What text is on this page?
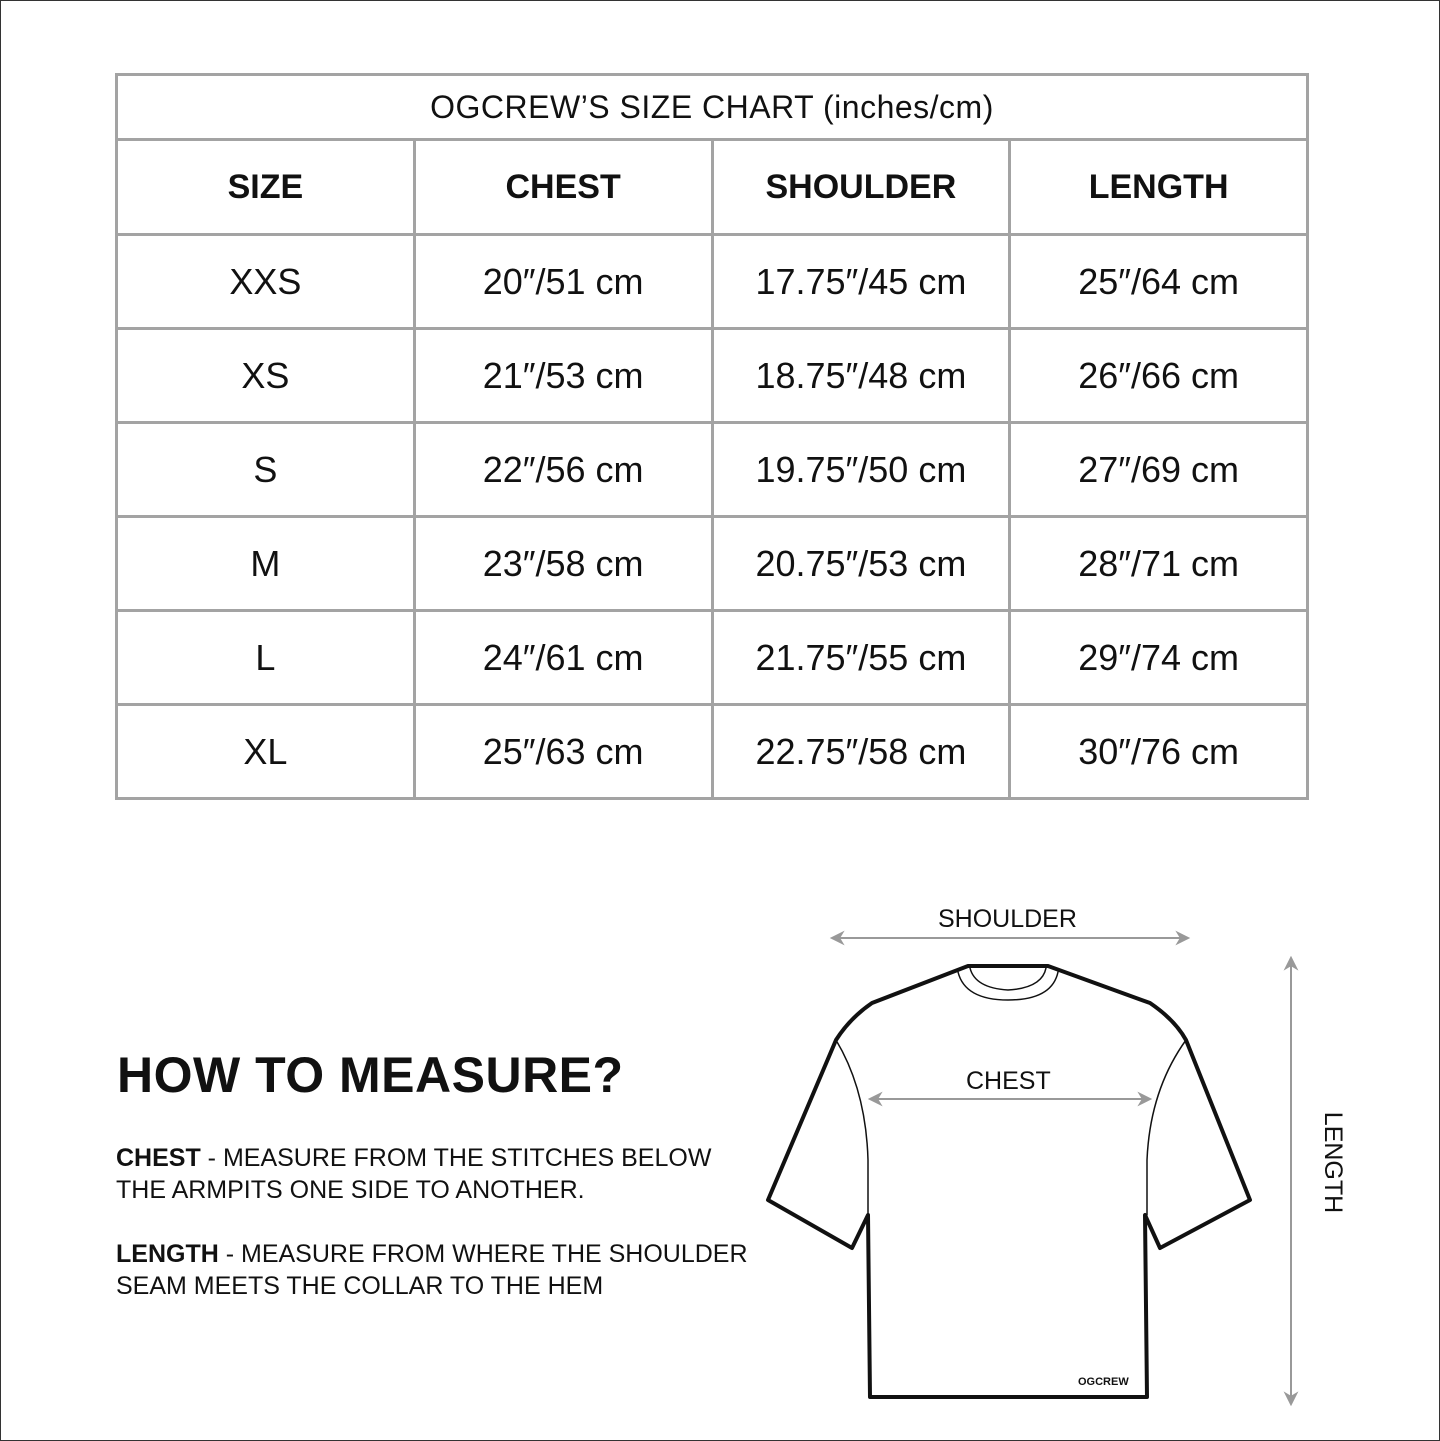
OGCREW’S SIZE CHART (inches/cm)			
SIZE	CHEST	SHOULDER	LENGTH
XXS	20″/51 cm	17.75″/45 cm	25″/64 cm
XS	21″/53 cm	18.75″/48 cm	26″/66 cm
S	22″/56 cm	19.75″/50 cm	27″/69 cm
M	23″/58 cm	20.75″/53 cm	28″/71 cm
L	24″/61 cm	21.75″/55 cm	29″/74 cm
XL	25″/63 cm	22.75″/58 cm	30″/76 cm
HOW TO MEASURE?

CHEST - MEASURE FROM THE STITCHES BELOW THE ARMPITS ONE SIDE TO ANOTHER.

LENGTH - MEASURE FROM WHERE THE SHOULDER SEAM MEETS THE COLLAR TO THE HEM

SHOULDER
CHEST
LENGTH
OGCREW
